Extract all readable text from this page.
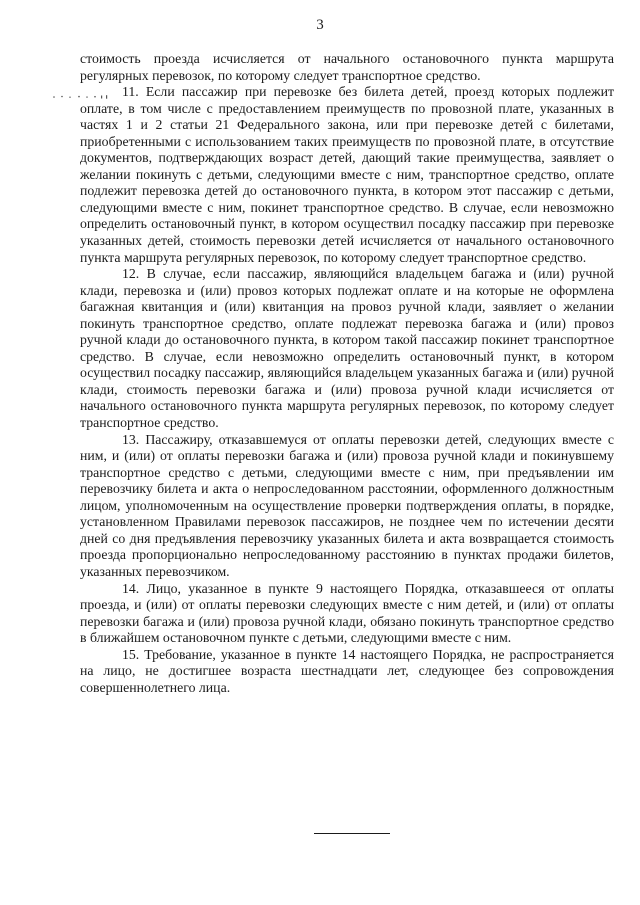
3

стоимость проезда исчисляется от начального остановочного пункта маршрута регулярных перевозок, по которому следует транспортное средство.

11. Если пассажир при перевозке без билета детей, проезд которых подлежит оплате, в том числе с предоставлением преимуществ по провозной плате, указанных в частях 1 и 2 статьи 21 Федерального закона, или при перевозке детей с билетами, приобретенными с использованием таких преимуществ по провозной плате, в отсутствие документов, подтверждающих возраст детей, дающий такие преимущества, заявляет о желании покинуть с детьми, следующими вместе с ним, транспортное средство, оплате подлежит перевозка детей до остановочного пункта, в котором этот пассажир с детьми, следующими вместе с ним, покинет транспортное средство. В случае, если невозможно определить остановочный пункт, в котором осуществил посадку пассажир при перевозке указанных детей, стоимость перевозки детей исчисляется от начального остановочного пункта маршрута регулярных перевозок, по которому следует транспортное средство.

12. В случае, если пассажир, являющийся владельцем багажа и (или) ручной клади, перевозка и (или) провоз которых подлежат оплате и на которые не оформлена багажная квитанция и (или) квитанция на провоз ручной клади, заявляет о желании покинуть транспортное средство, оплате подлежат перевозка багажа и (или) провоз ручной клади до остановочного пункта, в котором такой пассажир покинет транспортное средство. В случае, если невозможно определить остановочный пункт, в котором осуществил посадку пассажир, являющийся владельцем указанных багажа и (или) ручной клади, стоимость перевозки багажа и (или) провоза ручной клади исчисляется от начального остановочного пункта маршрута регулярных перевозок, по которому следует транспортное средство.

13. Пассажиру, отказавшемуся от оплаты перевозки детей, следующих вместе с ним, и (или) от оплаты перевозки багажа и (или) провоза ручной клади и покинувшему транспортное средство с детьми, следующими вместе с ним, при предъявлении им перевозчику билета и акта о непроследованном расстоянии, оформленного должностным лицом, уполномоченным на осуществление проверки подтверждения оплаты, в порядке, установленном Правилами перевозок пассажиров, не позднее чем по истечении десяти дней со дня предъявления перевозчику указанных билета и акта возвращается стоимость проезда пропорционально непроследованному расстоянию в пунктах продажи билетов, указанных перевозчиком.

14. Лицо, указанное в пункте 9 настоящего Порядка, отказавшееся от оплаты проезда, и (или) от оплаты перевозки следующих вместе с ним детей, и (или) от оплаты перевозки багажа и (или) провоза ручной клади, обязано покинуть транспортное средство в ближайшем остановочном пункте с детьми, следующими вместе с ним.

15. Требование, указанное в пункте 14 настоящего Порядка, не распространяется на лицо, не достигшее возраста шестнадцати лет, следующее без сопровождения совершеннолетнего лица.
